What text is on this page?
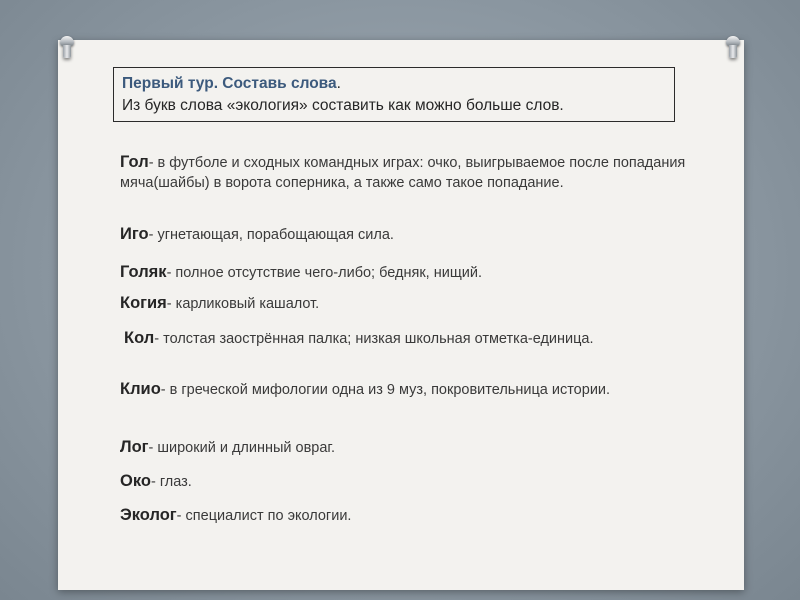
Первый тур. Составь слова.
Из букв слова «экология» составить как можно больше слов.
Гол- в футболе и сходных командных играх: очко, выигрываемое после попадания мяча(шайбы) в ворота соперника, а также само такое попадание.
Иго- угнетающая, порабощающая сила.
Голяк- полное отсутствие чего-либо; бедняк, нищий.
Когия- карликовый кашалот.
Кол- толстая заострённая палка; низкая школьная отметка-единица.
Клио- в греческой мифологии одна из 9 муз, покровительница истории.
Лог- широкий и длинный овраг.
Око- глаз.
Эколог- специалист по экологии.
